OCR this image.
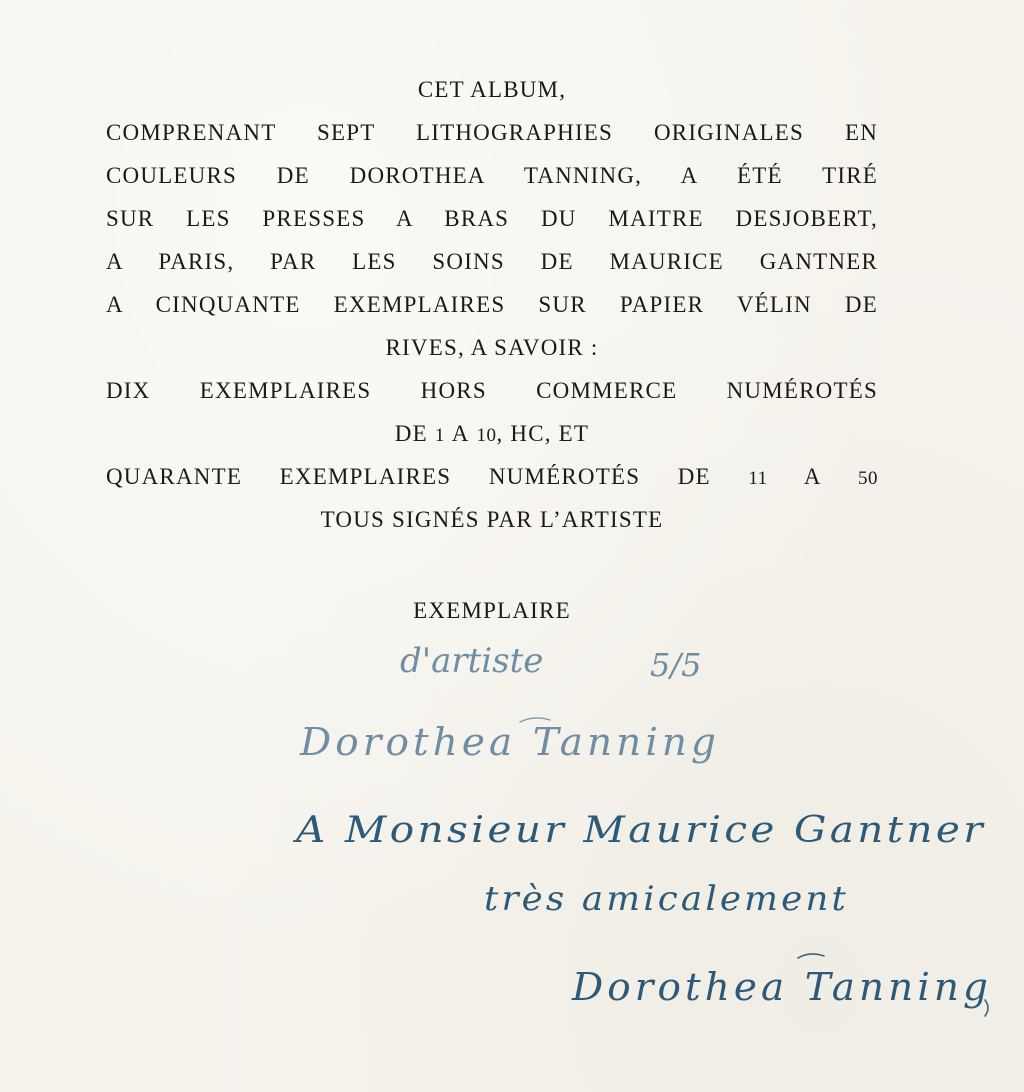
CET ALBUM,
COMPRENANT SEPT LITHOGRAPHIES ORIGINALES EN
COULEURS DE DOROTHEA TANNING, A ÉTÉ TIRÉ
SUR LES PRESSES A BRAS DU MAITRE DESJOBERT,
A PARIS, PAR LES SOINS DE MAURICE GANTNER
A CINQUANTE EXEMPLAIRES SUR PAPIER VÉLIN DE
RIVES, A SAVOIR :
DIX EXEMPLAIRES HORS COMMERCE NUMÉROTÉS
DE 1 A 10, HC, ET
QUARANTE EXEMPLAIRES NUMÉROTÉS DE 11 A 50
TOUS SIGNÉS PAR L’ARTISTE
EXEMPLAIRE
d'artiste	5/5
Dorothea Tanning
A Monsieur Maurice Gantner
très amicalement
Dorothea Tanning
